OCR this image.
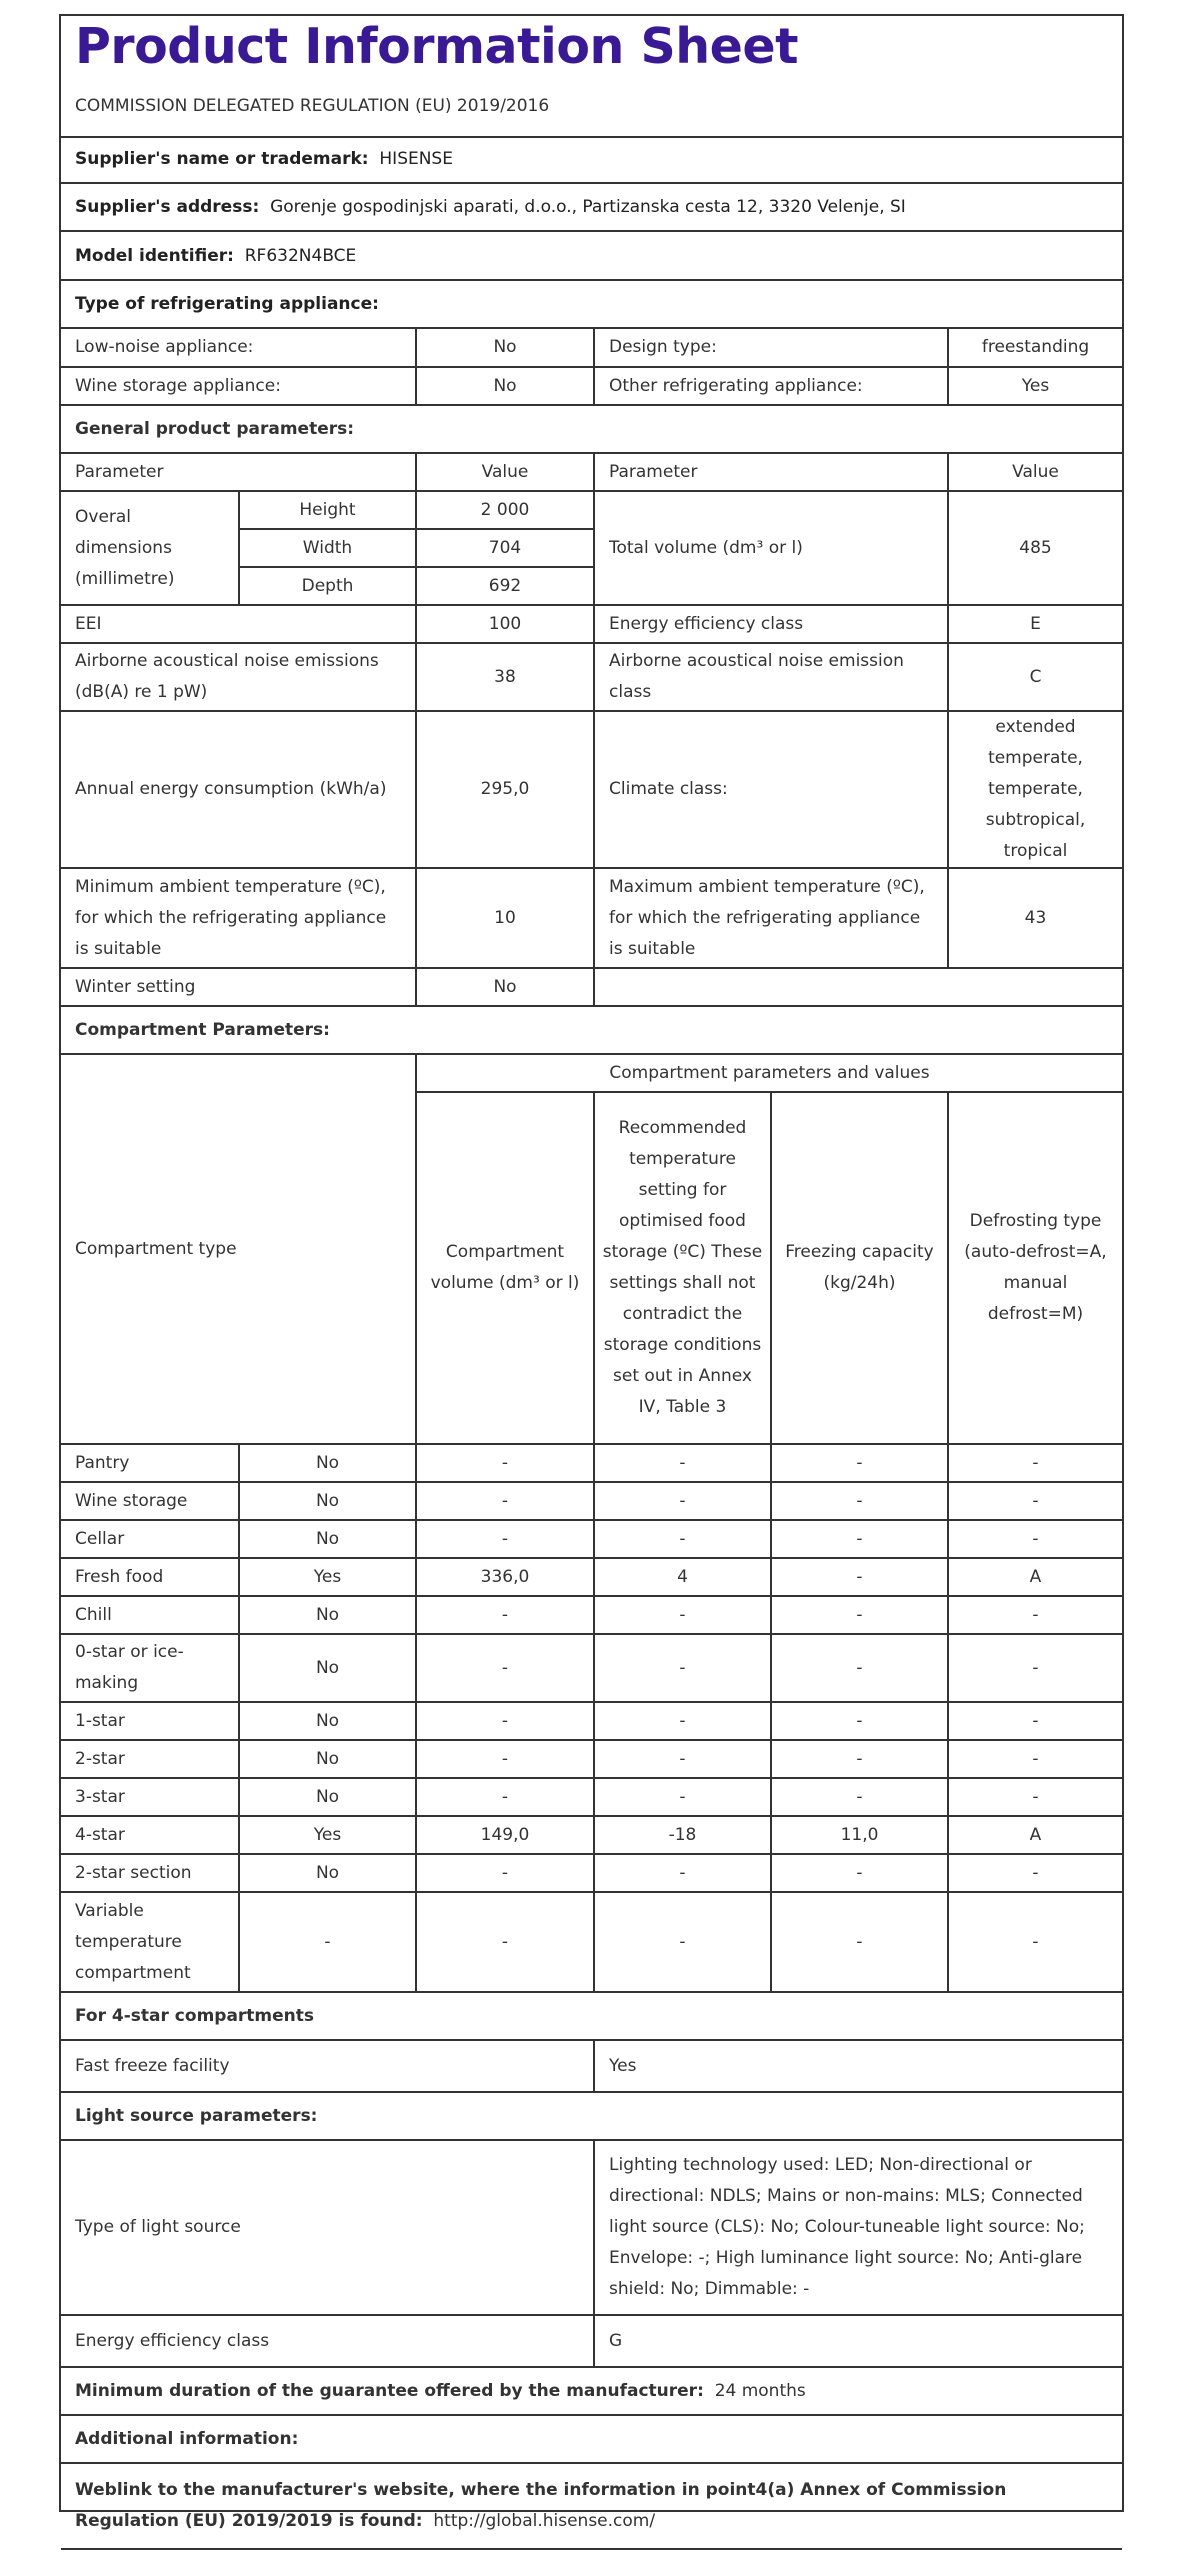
Product Information Sheet
COMMISSION DELEGATED REGULATION (EU) 2019/2016
Supplier's name or trademark:
HISENSE
Supplier's address:
Gorenje gospodinjski aparati, d.o.o., Partizanska cesta 12, 3320 Velenje, SI
Model identifier:
RF632N4BCE
Type of refrigerating appliance:
Low-noise appliance:		No	Design type:		freestanding
Wine storage appliance:		No	Other refrigerating appliance:		Yes
General product parameters:					
Parameter		Value	Parameter		Value
Overal dimensions (millimetre)	Height	2 000	Total volume (dm³ or l)		485
	Width	704			
	Depth	692			
EEI		100	Energy efficiency class		E
Airborne acoustical noise emissions (dB(A) re 1 pW)		38	Airborne acoustical noise emission class		C
Annual energy consumption (kWh/a)		295,0	Climate class:		extended temperate, temperate, subtropical, tropical
Minimum ambient temperature (ºC), for which the refrigerating appliance is suitable		10	Maximum ambient temperature (ºC), for which the refrigerating appliance is suitable		43
Winter setting		No			
Compartment Parameters:					
Compartment type		Compartment parameters and values			
		Compartment volume (dm³ or l)	Recommended temperature setting for optimised food storage (ºC) These settings shall not contradict the storage conditions set out in Annex IV, Table 3	Freezing capacity (kg/24h)	Defrosting type (auto-defrost=A, manual defrost=M)
Pantry	No	-	-	-	-
Wine storage	No	-	-	-	-
Cellar	No	-	-	-	-
Fresh food	Yes	336,0	4	-	A
Chill	No	-	-	-	-
0-star or ice-making	No	-	-	-	-
1-star	No	-	-	-	-
2-star	No	-	-	-	-
3-star	No	-	-	-	-
4-star	Yes	149,0	-18	11,0	A
2-star section	No	-	-	-	-
Variable temperature compartment	-	-	-	-	-
For 4-star compartments					
Fast freeze facility			Yes		
Light source parameters:					
Type of light source			Lighting technology used: LED; Non-directional or directional: NDLS; Mains or non-mains: MLS; Connected light source (CLS): No; Colour-tuneable light source: No; Envelope: -; High luminance light source: No; Anti-glare shield: No; Dimmable: -		
Energy efficiency class			G		
Minimum duration of the guarantee offered by the manufacturer: 24 months					
Additional information:					
Weblink to the manufacturer's website, where the information in point4(a) Annex of Commission Regulation (EU) 2019/2019 is found: http://global.hisense.com/					
